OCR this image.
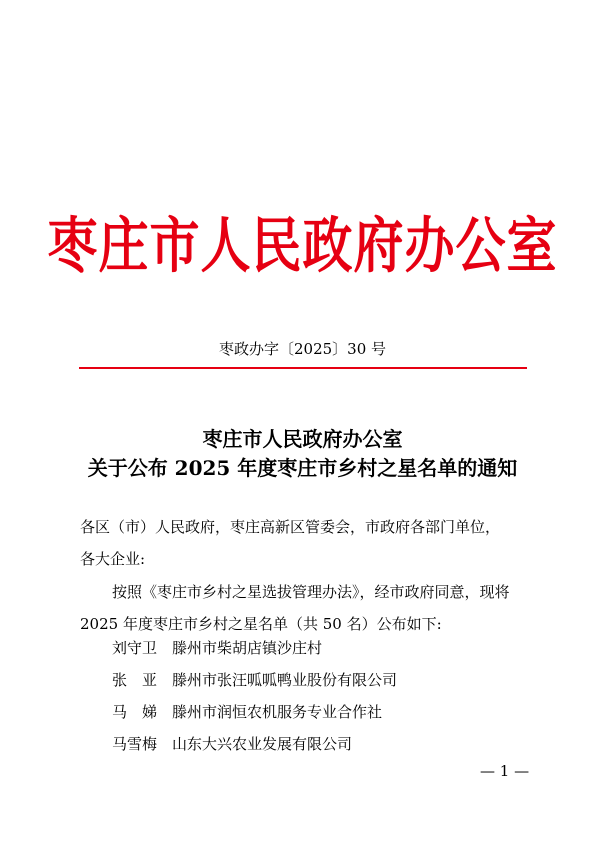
枣庄市人民政府办公室
枣政办字〔2025〕30 号
枣庄市人民政府办公室
关于公布 2025 年度枣庄市乡村之星名单的通知
各区（市）人民政府，枣庄高新区管委会，市政府各部门单位，
各大企业:
按照《枣庄市乡村之星选拔管理办法》，经市政府同意，现将
2025 年度枣庄市乡村之星名单（共 50 名）公布如下:
刘守卫 滕州市柴胡店镇沙庄村
张　亚 滕州市张汪呱呱鸭业股份有限公司
马　娣 滕州市润恒农机服务专业合作社
马雪梅 山东大兴农业发展有限公司
— 1 —
